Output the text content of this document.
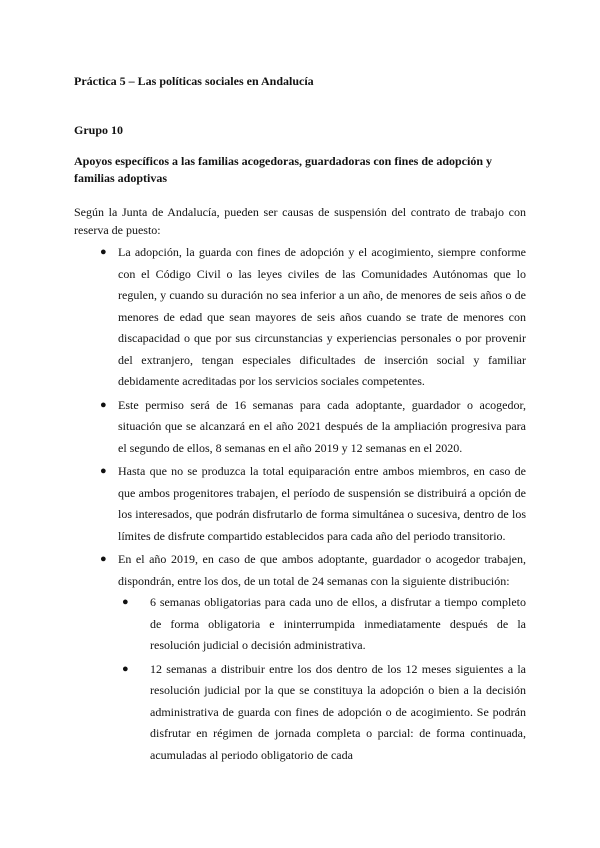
Práctica 5 – Las políticas sociales en Andalucía

Grupo 10

Apoyos específicos a las familias acogedoras, guardadoras con fines de adopción y familias adoptivas

Según la Junta de Andalucía, pueden ser causas de suspensión del contrato de trabajo con reserva de puesto:

● La adopción, la guarda con fines de adopción y el acogimiento, siempre conforme con el Código Civil o las leyes civiles de las Comunidades Autónomas que lo regulen, y cuando su duración no sea inferior a un año, de menores de seis años o de menores de edad que sean mayores de seis años cuando se trate de menores con discapacidad o que por sus circunstancias y experiencias personales o por provenir del extranjero, tengan especiales dificultades de inserción social y familiar debidamente acreditadas por los servicios sociales competentes.
● Este permiso será de 16 semanas para cada adoptante, guardador o acogedor, situación que se alcanzará en el año 2021 después de la ampliación progresiva para el segundo de ellos, 8 semanas en el año 2019 y 12 semanas en el 2020.
● Hasta que no se produzca la total equiparación entre ambos miembros, en caso de que ambos progenitores trabajen, el período de suspensión se distribuirá a opción de los interesados, que podrán disfrutarlo de forma simultánea o sucesiva, dentro de los límites de disfrute compartido establecidos para cada año del periodo transitorio.
● En el año 2019, en caso de que ambos adoptante, guardador o acogedor trabajen, dispondrán, entre los dos, de un total de 24 semanas con la siguiente distribución:
● 6 semanas obligatorias para cada uno de ellos, a disfrutar a tiempo completo de forma obligatoria e ininterrumpida inmediatamente después de la resolución judicial o decisión administrativa.
● 12 semanas a distribuir entre los dos dentro de los 12 meses siguientes a la resolución judicial por la que se constituya la adopción o bien a la decisión administrativa de guarda con fines de adopción o de acogimiento. Se podrán disfrutar en régimen de jornada completa o parcial: de forma continuada, acumuladas al periodo obligatorio de cada
